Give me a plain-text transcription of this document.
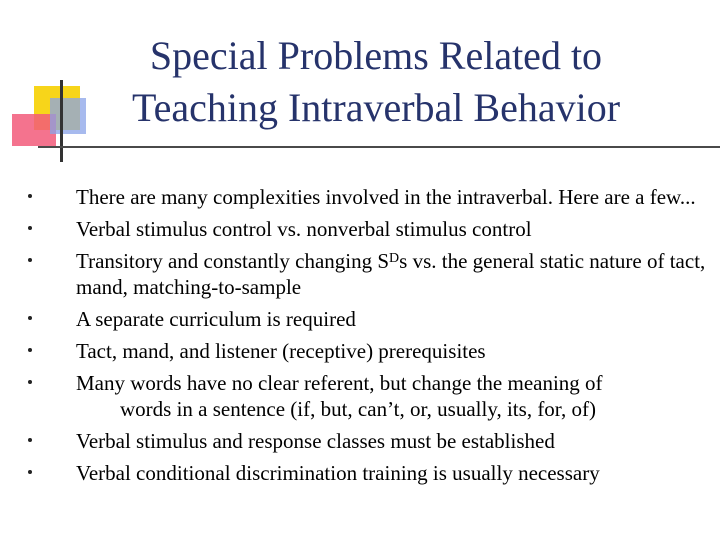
Special Problems Related to
Teaching Intraverbal Behavior
There are many complexities involved in the intraverbal. Here are a few...
Verbal stimulus control vs. nonverbal stimulus control
Transitory and constantly changing $S^Ds$ vs. the general static nature of tact, mand, matching-to-sample
A separate curriculum is required
Tact, mand, and listener (receptive) prerequisites
Many words have no clear referent, but change the meaning of
words in a sentence (if, but, can’t, or, usually, its, for, of)
Verbal stimulus and response classes must be established
Verbal conditional discrimination training is usually necessary
